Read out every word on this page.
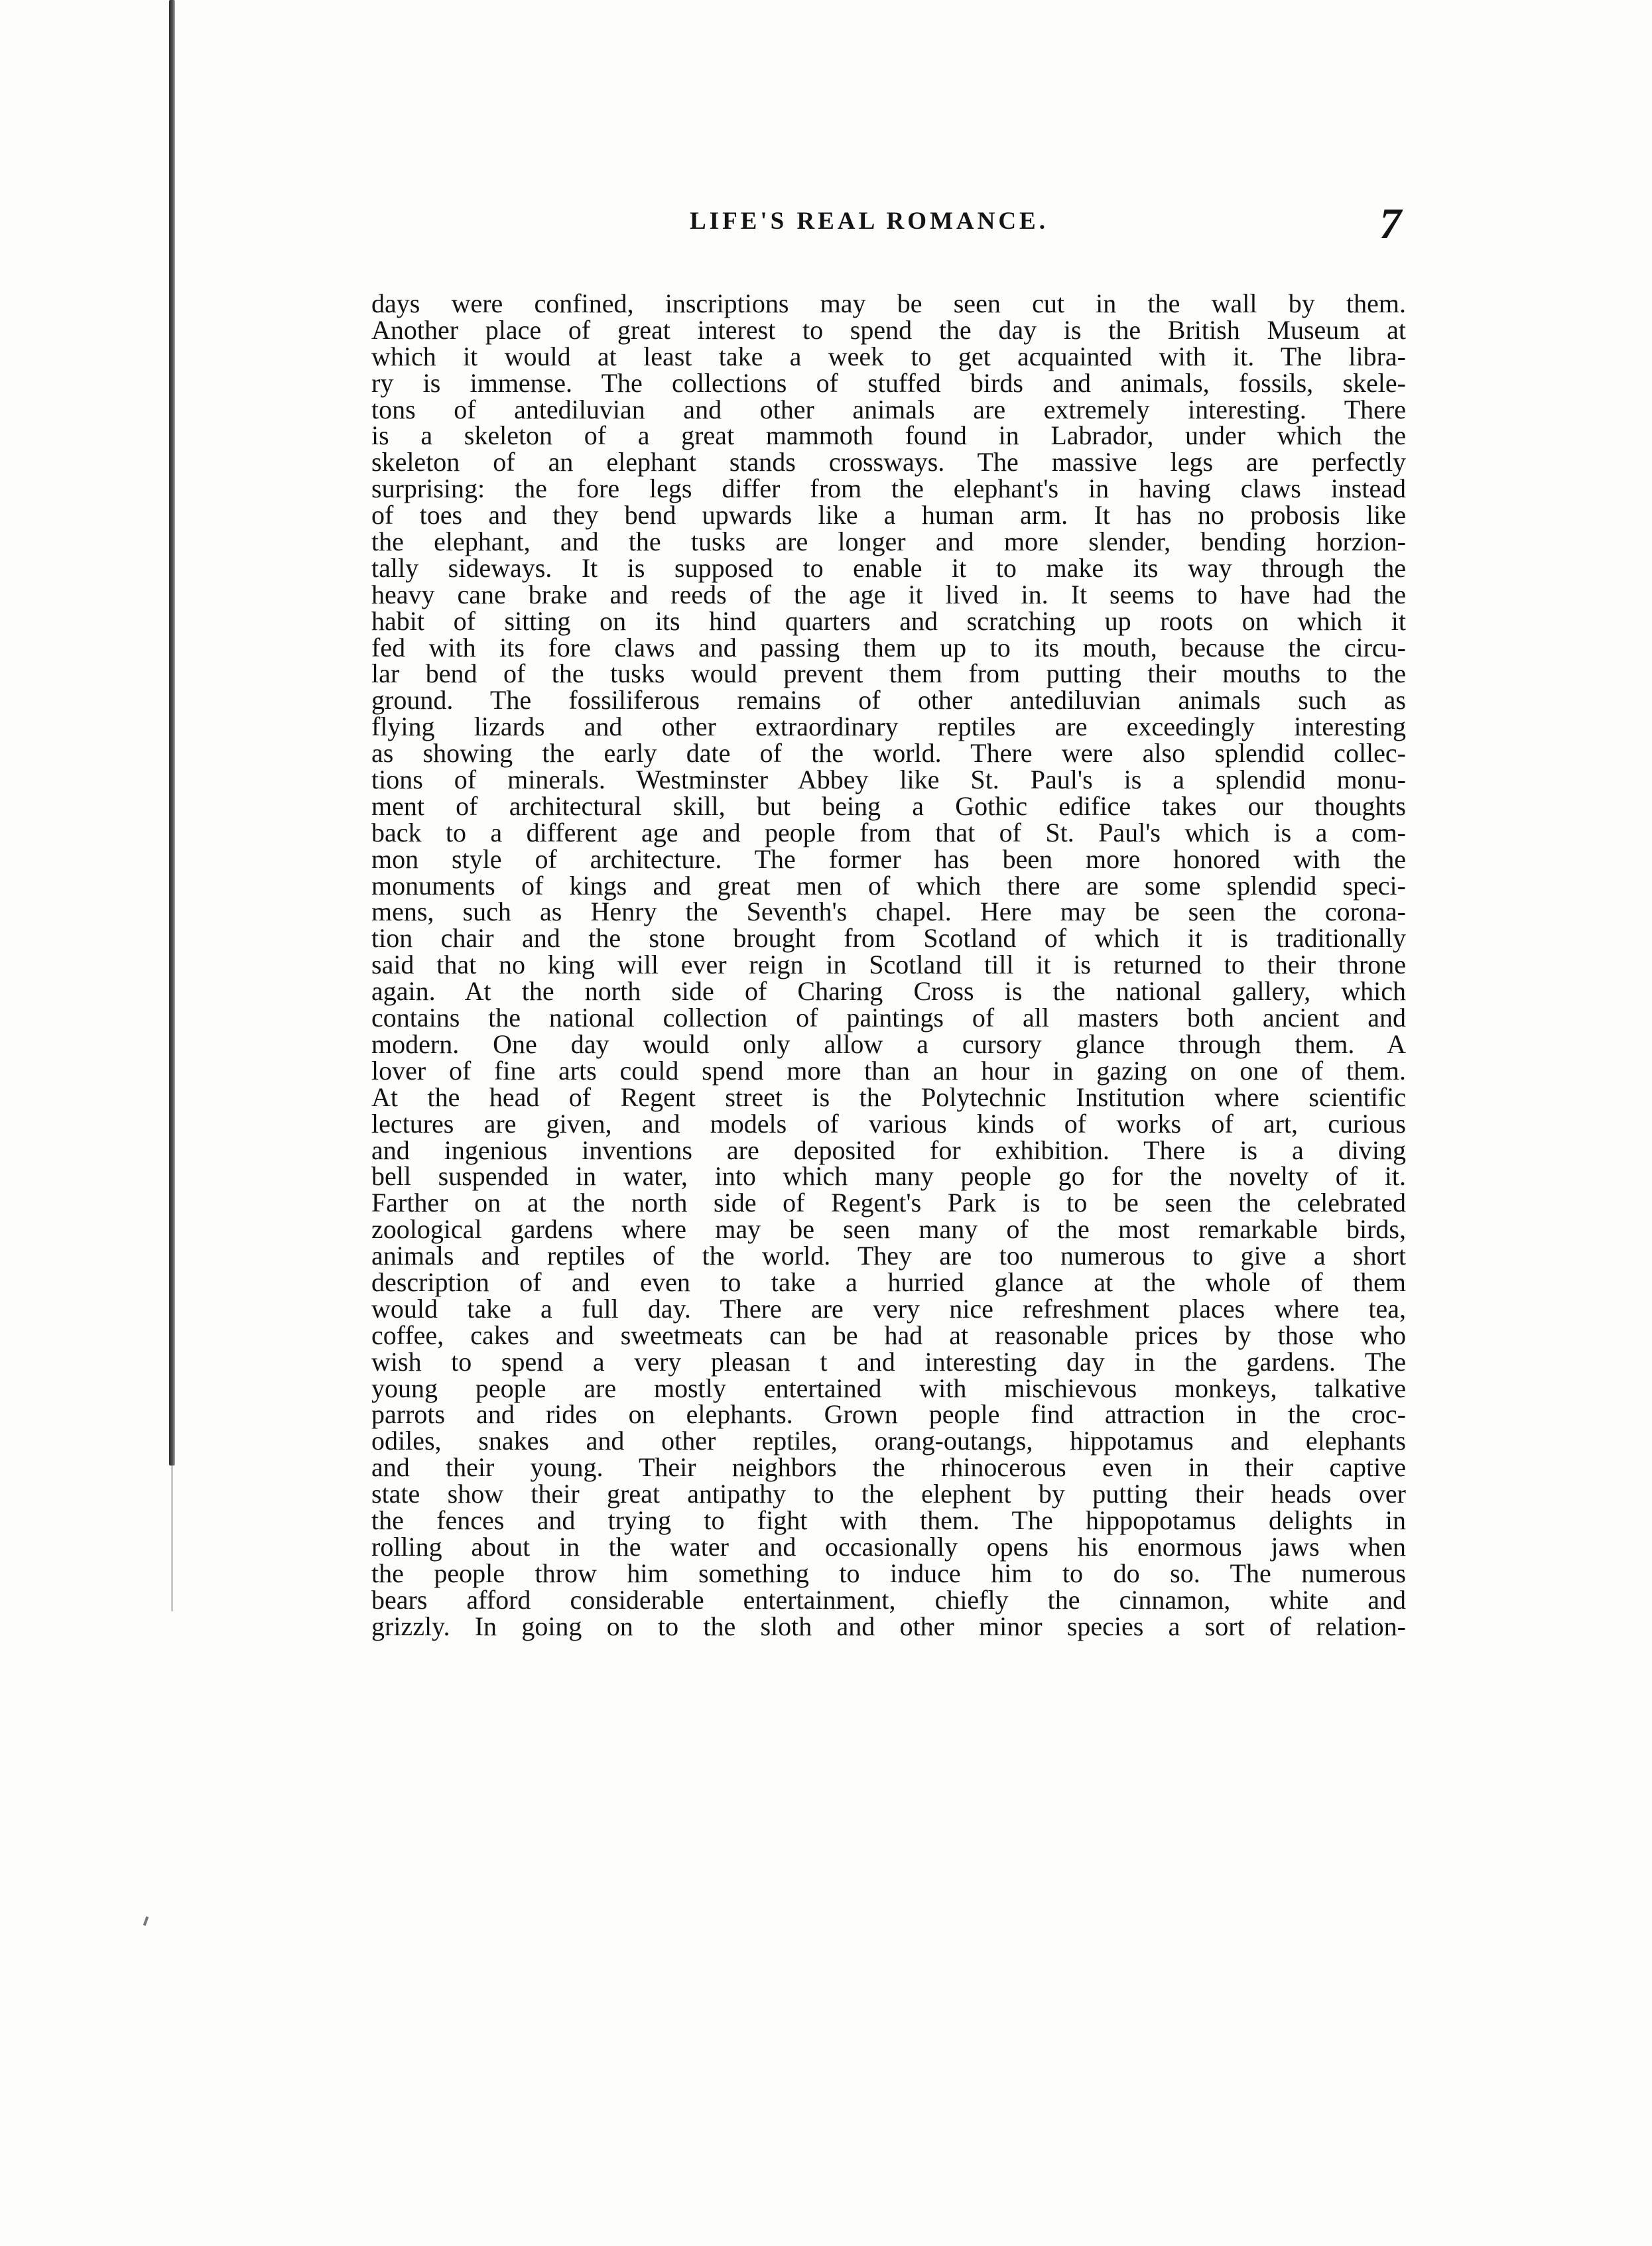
LIFE'S REAL ROMANCE.	7
days were confined, inscriptions may be seen cut in the wall by them.
Another place of great interest to spend the day is the British Museum at
which it would at least take a week to get acquainted with it. The libra-
ry is immense. The collections of stuffed birds and animals, fossils, skele-
tons of antediluvian and other animals are extremely interesting. There
is a skeleton of a great mammoth found in Labrador, under which the
skeleton of an elephant stands crossways. The massive legs are perfectly
surprising: the fore legs differ from the elephant's in having claws instead
of toes and they bend upwards like a human arm. It has no probosis like
the elephant, and the tusks are longer and more slender, bending horzion-
tally sideways. It is supposed to enable it to make its way through the
heavy cane brake and reeds of the age it lived in. It seems to have had the
habit of sitting on its hind quarters and scratching up roots on which it
fed with its fore claws and passing them up to its mouth, because the circu-
lar bend of the tusks would prevent them from putting their mouths to the
ground. The fossiliferous remains of other antediluvian animals such as
flying lizards and other extraordinary reptiles are exceedingly interesting
as showing the early date of the world. There were also splendid collec-
tions of minerals. Westminster Abbey like St. Paul's is a splendid monu-
ment of architectural skill, but being a Gothic edifice takes our thoughts
back to a different age and people from that of St. Paul's which is a com-
mon style of architecture. The former has been more honored with the
monuments of kings and great men of which there are some splendid speci-
mens, such as Henry the Seventh's chapel. Here may be seen the corona-
tion chair and the stone brought from Scotland of which it is traditionally
said that no king will ever reign in Scotland till it is returned to their throne
again. At the north side of Charing Cross is the national gallery, which
contains the national collection of paintings of all masters both ancient and
modern. One day would only allow a cursory glance through them. A
lover of fine arts could spend more than an hour in gazing on one of them.
At the head of Regent street is the Polytechnic Institution where scientific
lectures are given, and models of various kinds of works of art, curious
and ingenious inventions are deposited for exhibition. There is a diving
bell suspended in water, into which many people go for the novelty of it.
Farther on at the north side of Regent's Park is to be seen the celebrated
zoological gardens where may be seen many of the most remarkable birds,
animals and reptiles of the world. They are too numerous to give a short
description of and even to take a hurried glance at the whole of them
would take a full day. There are very nice refreshment places where tea,
coffee, cakes and sweetmeats can be had at reasonable prices by those who
wish to spend a very pleasan t and interesting day in the gardens. The
young people are mostly entertained with mischievous monkeys, talkative
parrots and rides on elephants. Grown people find attraction in the croc-
odiles, snakes and other reptiles, orang-outangs, hippotamus and elephants
and their young. Their neighbors the rhinocerous even in their captive
state show their great antipathy to the elephent by putting their heads over
the fences and trying to fight with them. The hippopotamus delights in
rolling about in the water and occasionally opens his enormous jaws when
the people throw him something to induce him to do so. The numerous
bears afford considerable entertainment, chiefly the cinnamon, white and
grizzly. In going on to the sloth and other minor species a sort of relation-
